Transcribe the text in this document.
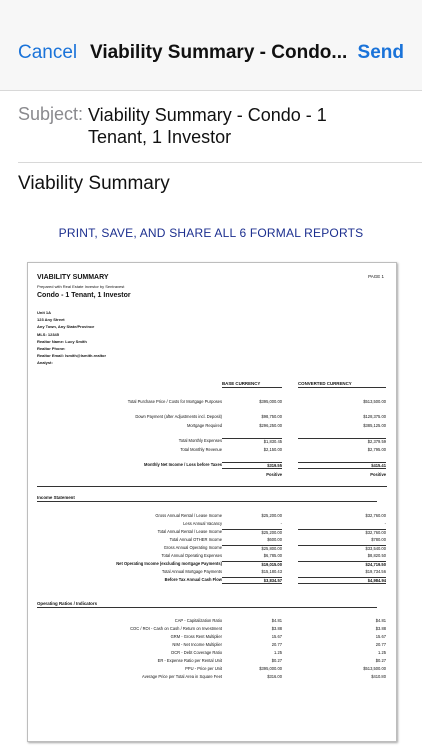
Cancel Viability Summary - Condo... Send
Subject: Viability Summary - Condo - 1 Tenant, 1 Investor
Viability Summary
PRINT, SAVE, AND SHARE ALL 6 FORMAL REPORTS
VIABILITY SUMMARY	PAGE 1
Prepared with Real Estate Investor by Sentravest
Condo - 1 Tenant, 1 Investor
Unit 1A
123 Any Street
Any Town, Any State/Province
MLS: 12345
Realtor Name: Lucy Smith
Realtor Phone:
Realtor Email: lsmith@lsmith.realtor
Analyst:
BASE CURRENCY	CONVERTED CURRENCY
Total Purchase Price / Costs for Mortgage Purposes	$395,000.00	$513,500.00
Down Payment (after Adjustments incl. Deposit)	$98,750.00	$128,375.00
Mortgage Required	$296,250.00	$385,125.00
Total Monthly Expenses	$1,830.45	$2,379.59
Total Monthly Revenue	$2,150.00	$2,795.00
Monthly Net Income / Loss before Taxes	$319.55	$415.41
Positive	Positive
Income Statement
Gross Annual Rental / Lease Income	$25,200.00	$32,760.00
Less Annual Vacancy	-	-
Total Annual Rental / Lease Income	$25,200.00	$32,760.00
Total Annual OTHER Income	$600.00	$780.00
Gross Annual Operating Income	$25,800.00	$33,540.00
Total Annual Operating Expenses	$6,785.00	$8,820.50
Net Operating Income (excluding mortgage Payments)	$19,015.00	$24,719.50
Total Annual Mortgage Payments	$15,180.43	$19,734.56
Before Tax Annual Cash Flow	$3,834.57	$4,984.94
Operating Ratios / Indicators
CAP - Capitalization Ratio	$4.81	$4.81
COC / ROI - Cash on Cash / Return on Investment	$3.88	$3.88
GRM - Gross Rent Multiplier	15.67	15.67
NIM - Net Income Multiplier	20.77	20.77
DCR - Debt Coverage Ratio	1.25	1.25
ER - Expense Ratio per Rental Unit	$0.27	$0.27
PPU - Price per Unit	$395,000.00	$513,500.00
Average Price per Total Area in Square Feet	$316.00	$410.80
